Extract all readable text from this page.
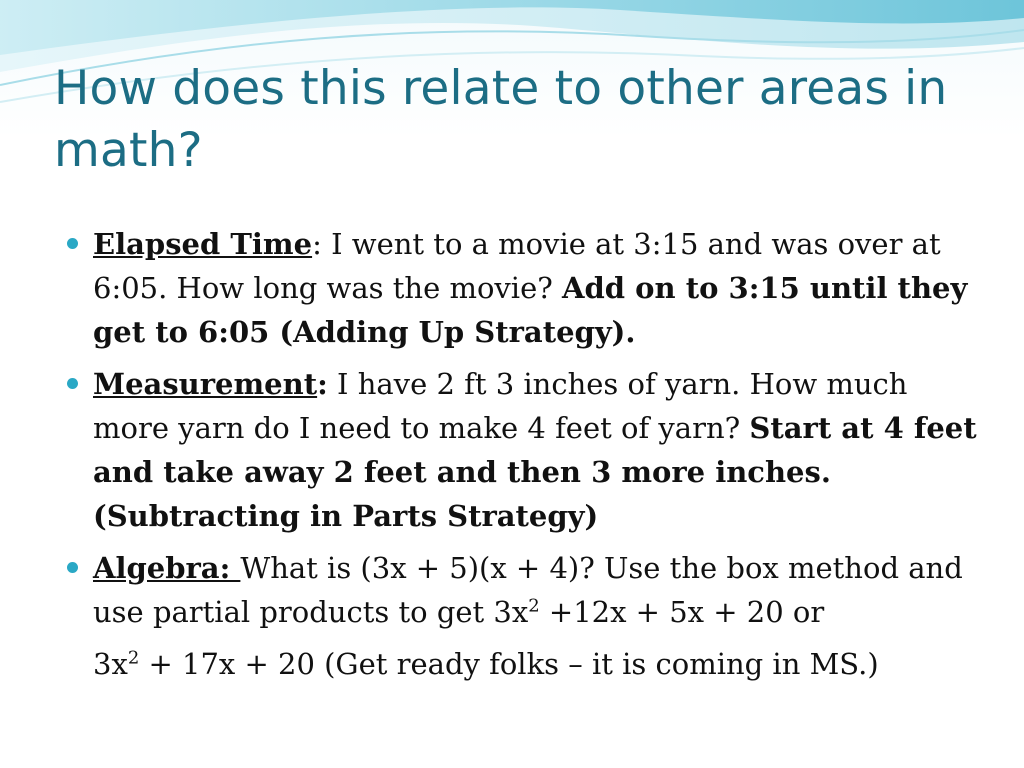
How does this relate to other areas in math?
Elapsed Time: I went to a movie at 3:15 and was over at 6:05. How long was the movie? Add on to 3:15 until they get to 6:05 (Adding Up Strategy).
Measurement: I have 2 ft 3 inches of yarn. How much more yarn do I need to make 4 feet of yarn? Start at 4 feet and take away 2 feet and then 3 more inches. (Subtracting in Parts Strategy)
Algebra: What is (3x + 5)(x + 4)? Use the box method and use partial products to get $3x^2 +12x + 5x + 20$ or
$3x^2 + 17x + 20$ (Get ready folks – it is coming in MS.)
